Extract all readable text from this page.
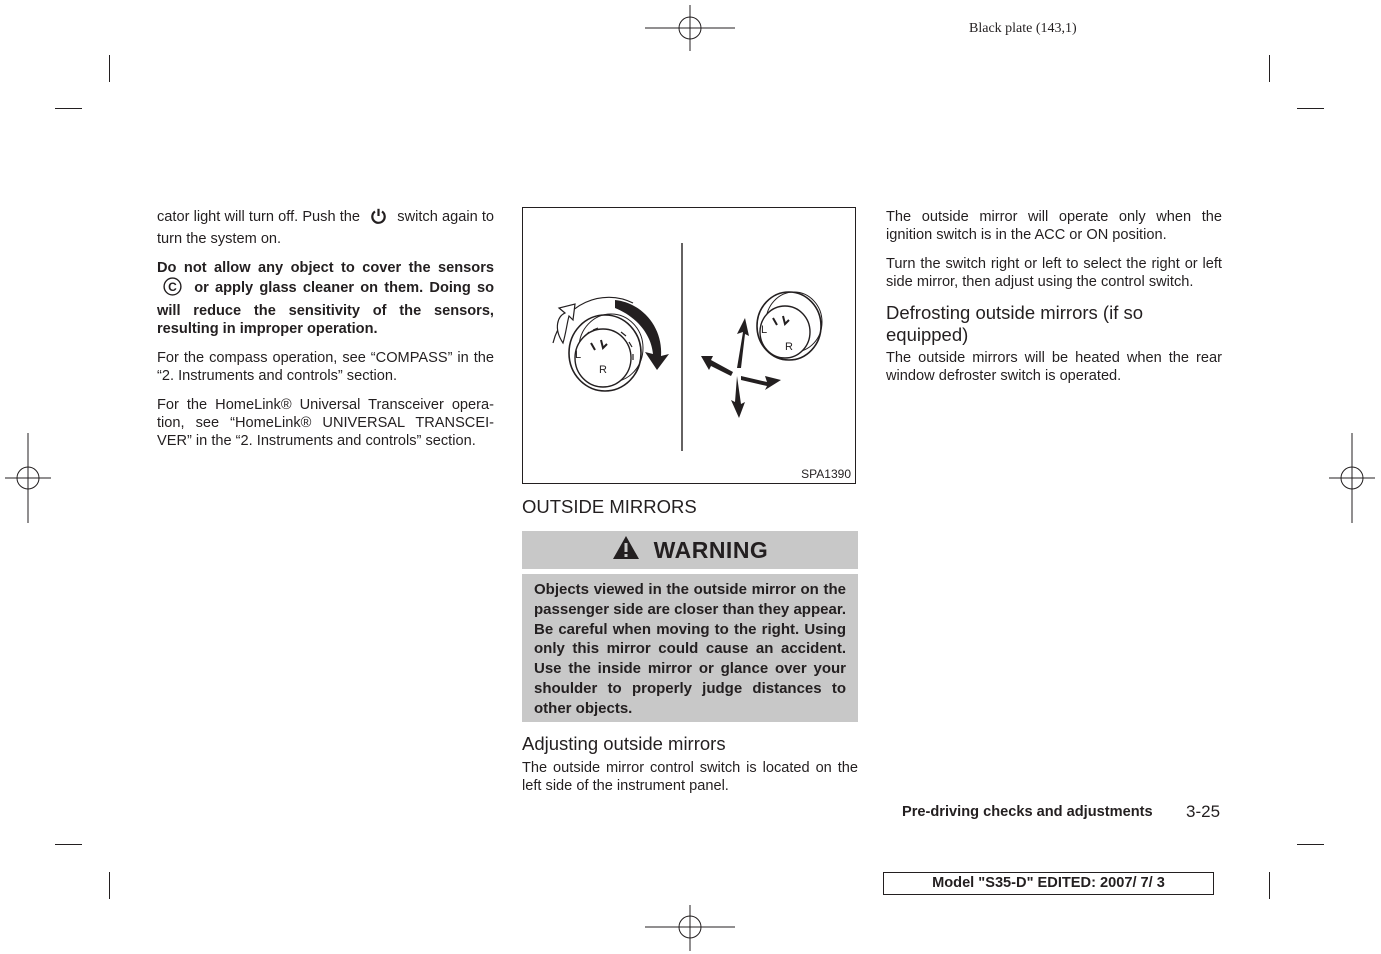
Black plate (143,1)

cator light will turn off. Push the	switch again to turn the system on.

Do not allow any object to cover the sensors
C or apply glass cleaner on them. Doing so will reduce the sensitivity of the sensors, resulting in improper operation.

For the compass operation, see “COMPASS” in the “2. Instruments and controls” section.

For the HomeLink® Universal Transceiver opera-tion, see “HomeLink® UNIVERSAL TRANSCEI-VER” in the “2. Instruments and controls” section.

L
R
L
R
SPA1390
OUTSIDE MIRRORS
WARNING
Objects viewed in the outside mirror on the passenger side are closer than they appear. Be careful when moving to the right. Using only this mirror could cause an accident. Use the inside mirror or glance over your shoulder to properly judge distances to other objects.
Adjusting outside mirrors
The outside mirror control switch is located on the left side of the instrument panel.

The outside mirror will operate only when the ignition switch is in the ACC or ON position.

Turn the switch right or left to select the right or left side mirror, then adjust using the control switch.

Defrosting outside mirrors (if so equipped)

The outside mirrors will be heated when the rear window defroster switch is operated.

Pre-driving checks and adjustments 3-25
Model "S35-D" EDITED: 2007/ 7/ 3
